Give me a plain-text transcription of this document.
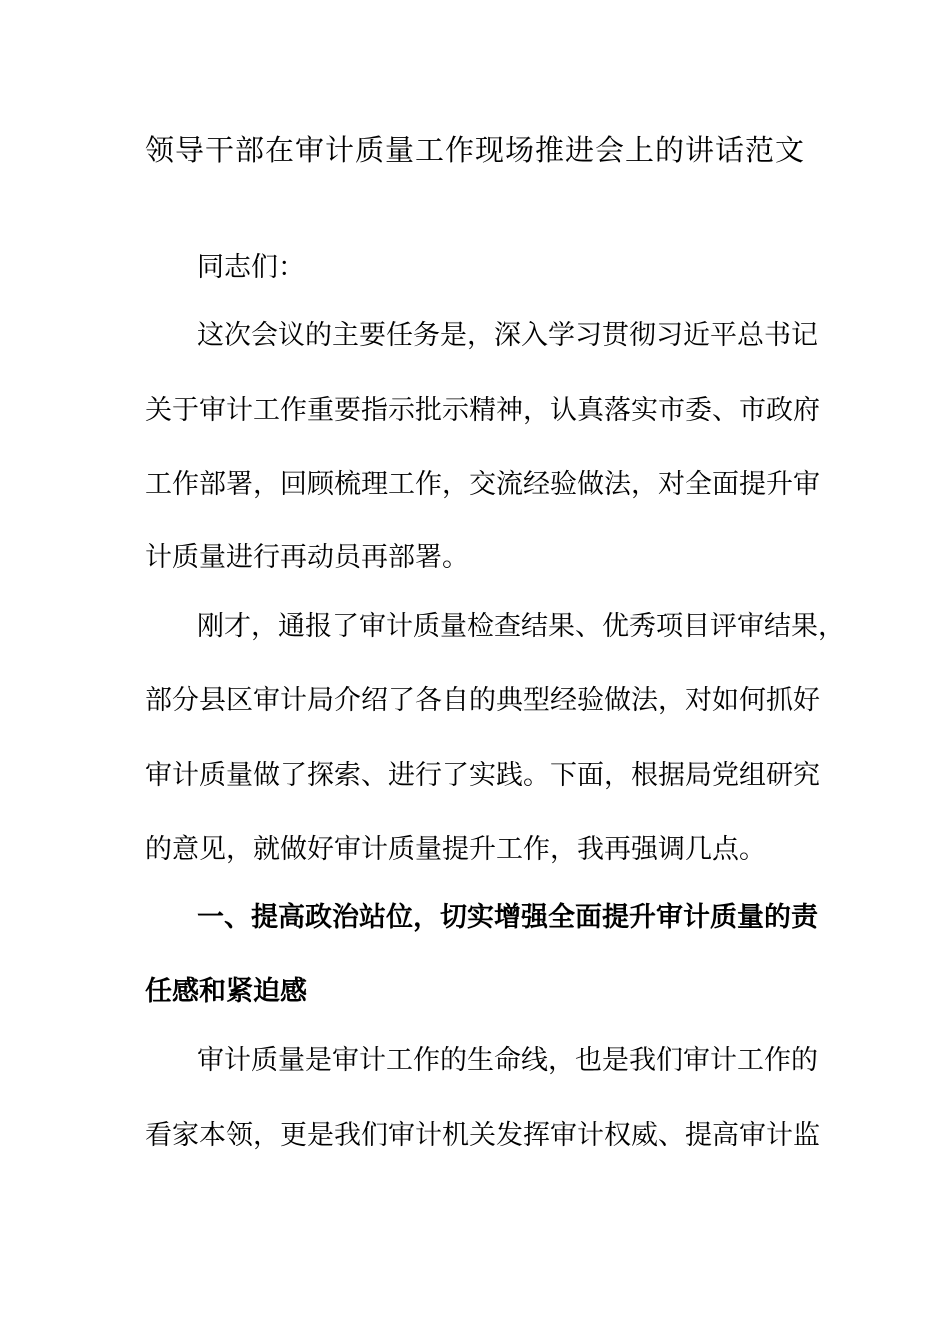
领导干部在审计质量工作现场推进会上的讲话范文
同志们：
这次会议的主要任务是，深入学习贯彻习近平总书记
关于审计工作重要指示批示精神，认真落实市委、市政府
工作部署，回顾梳理工作，交流经验做法，对全面提升审
计质量进行再动员再部署。
刚才，通报了审计质量检查结果、优秀项目评审结果，
部分县区审计局介绍了各自的典型经验做法，对如何抓好
审计质量做了探索、进行了实践。下面，根据局党组研究
的意见，就做好审计质量提升工作，我再强调几点。
一、提高政治站位，切实增强全面提升审计质量的责
任感和紧迫感
审计质量是审计工作的生命线，也是我们审计工作的
看家本领，更是我们审计机关发挥审计权威、提高审计监
